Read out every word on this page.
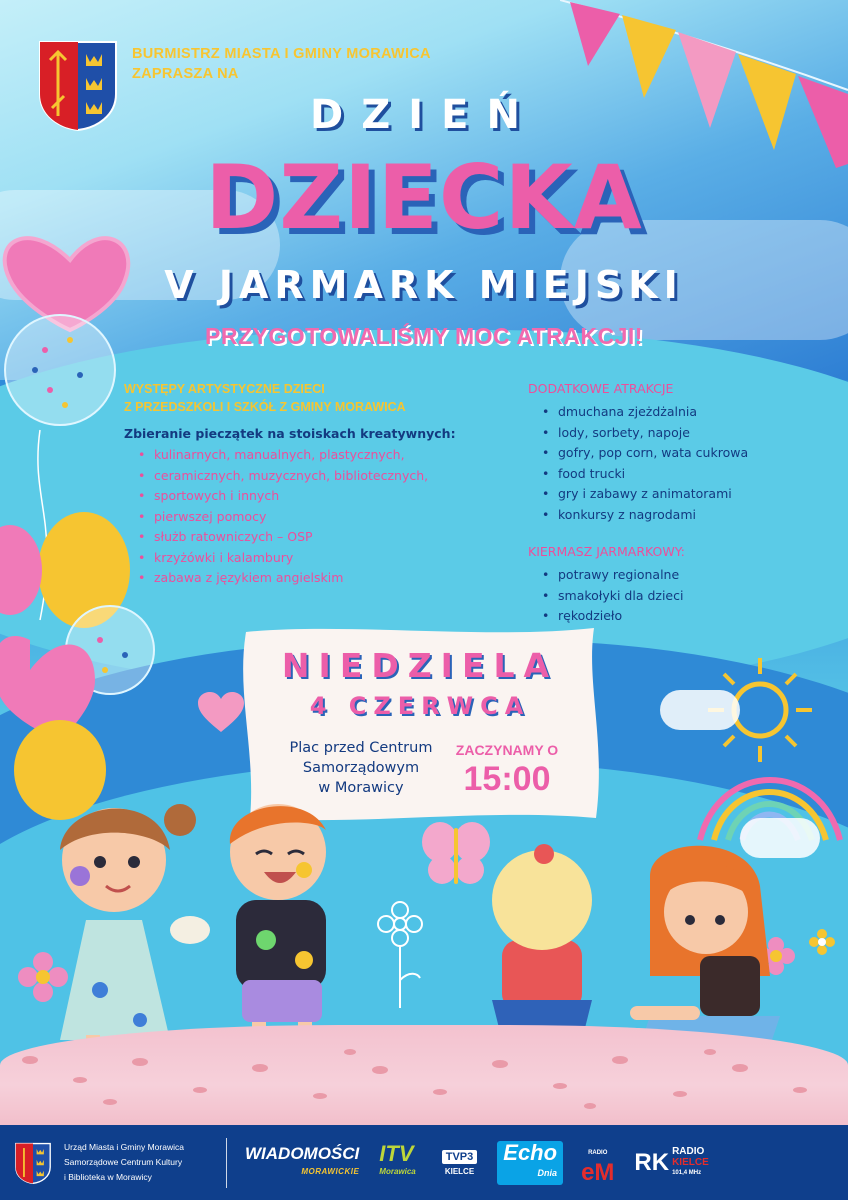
BURMISTRZ MIASTA I GMINY MORAWICA
ZAPRASZA NA
DZIEŃ
DZIECKA
V JARMARK MIEJSKI
PRZYGOTOWALIŚMY MOC ATRAKCJI!
WYSTĘPY ARTYSTYCZNE DZIECI
Z PRZEDSZKOLI I SZKÓŁ Z GMINY MORAWICA
Zbieranie pieczątek na stoiskach kreatywnych:
• kulinarnych, manualnych, plastycznych,
• ceramicznych, muzycznych, bibliotecznych,
• sportowych i innych
• pierwszej pomocy
• służb ratowniczych – OSP
• krzyżówki i kalambury
• zabawa z językiem angielskim
DODATKOWE ATRAKCJE
• dmuchana zjeżdżalnia
• lody, sorbety, napoje
• gofry, pop corn, wata cukrowa
• food trucki
• gry i zabawy z animatorami
• konkursy z nagrodami
KIERMASZ JARMARKOWY:
• potrawy regionalne
• smakołyki dla dzieci
• rękodzieło
NIEDZIELA
4 CZERWCA
Plac przed Centrum
Samorządowym
w Morawicy
ZACZYNAMY O
15:00
Urząd Miasta i Gminy Morawica
Samorządowe Centrum Kultury
i Biblioteka w Morawicy
WIADOMOŚCI
MORAWICKIE
ITV
Morawica
TVP3
KIELCE
Echo
Dnia
RADIO
eM RK RADIO
KIELCE
101,4 MHz
